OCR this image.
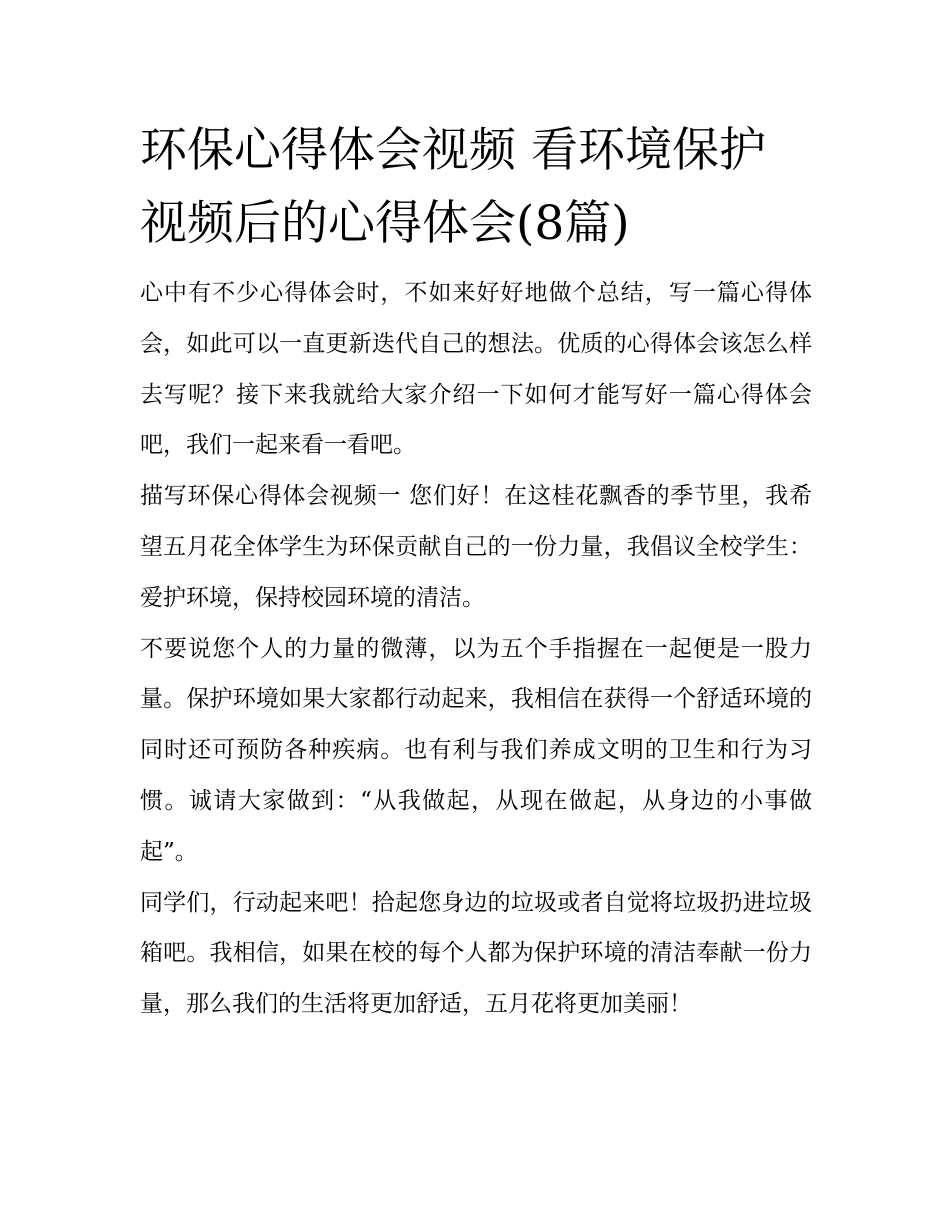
环保心得体会视频 看环境保护视频后的心得体会(8篇)

心中有不少心得体会时，不如来好好地做个总结，写一篇心得体会，如此可以一直更新迭代自己的想法。优质的心得体会该怎么样去写呢？接下来我就给大家介绍一下如何才能写好一篇心得体会吧，我们一起来看一看吧。

描写环保心得体会视频一 您们好！在这桂花飘香的季节里，我希望五月花全体学生为环保贡献自己的一份力量，我倡议全校学生：爱护环境，保持校园环境的清洁。

不要说您个人的力量的微薄，以为五个手指握在一起便是一股力量。保护环境如果大家都行动起来，我相信在获得一个舒适环境的同时还可预防各种疾病。也有利与我们养成文明的卫生和行为习惯。诚请大家做到：“从我做起，从现在做起，从身边的小事做起”。

同学们，行动起来吧！拾起您身边的垃圾或者自觉将垃圾扔进垃圾箱吧。我相信，如果在校的每个人都为保护环境的清洁奉献一份力量，那么我们的生活将更加舒适，五月花将更加美丽！
